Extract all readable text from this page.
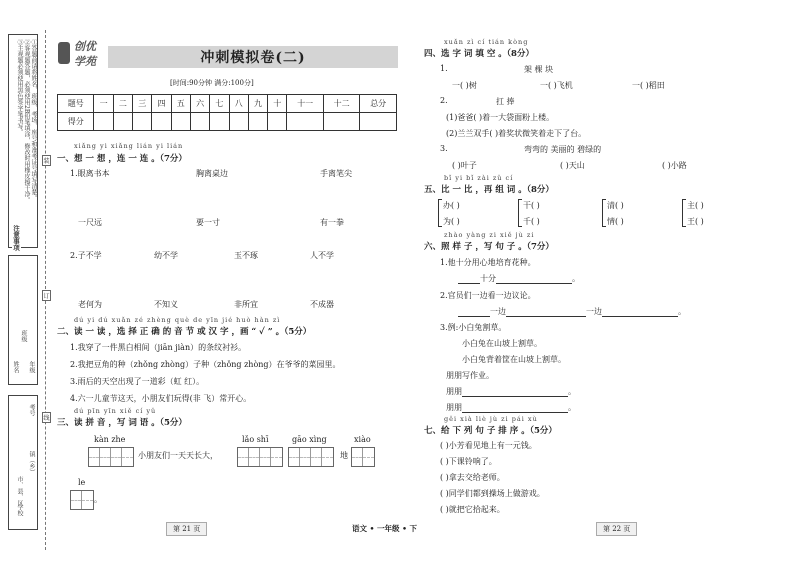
①答题前请将姓名、班级、考场、座号和准考证号填写清楚。
②客观题答题，必须使用2B铅笔填涂，修改时用橡皮擦干净。
③主观题必须使用黑色签字笔书写。
注意事项
班级
姓名 年级
考号
镇（乡）
市、县、区
学校
装
订
线
创优
学苑	冲刺模拟卷(二)
[时间:90分钟 满分:100分]
题号	一	二	三	四	五	六	七	八	九	十	十一	十二	总分
得分													
xiǎng yi xiǎng lián yi lián
一、想 一 想 ，连 一 连 。（7分）
1.眼离书本	胸离桌边	手离笔尖
一尺远	要一寸	有一拳
2.子不学	幼不学	玉不琢	人不学
老何为	不知义	非所宜	不成器
dú yi dú xuǎn zé zhèng què de yīn jié huò hàn zì
二、读 一 读 ，选 择 正 确 的 音 节 或 汉 字 ，画 “ ✓ ” 。（5分）
1.我穿了一件黑白相间（jiān jiàn）的条纹衬衫。
2.我把豆角的种（zhǒng zhòng）子种（zhǒng zhòng）在爷爷的菜园里。
3.雨后的天空出现了一道彩（虹 红）。
4.六一儿童节这天，小朋友们玩得(非 飞）常开心。
dú pīn yīn xiě cí yǔ
三、读 拼 音 ，写 词 语 。（5分）
kàn zhe
小朋友们一天天长大，
lǎo shī	gāo xìng
地
xiào
le
。
xuǎn zì cí tián kòng
四、选 字 词 填 空 。（8分）
1.	架 棵 块
一( )树	一( )飞机	一( )稻田
2.	扛 捧
(1)爸爸( )着一大袋面粉上楼。
(2)兰兰双手( )着奖状微笑着走下了台。
3.	弯弯的 美丽的 碧绿的
( )叶子	( )天山	( )小路
bǐ yi bǐ zài zǔ cí
五、比 一 比 ，再 组 词 。（8分）
办( )
为( )
干( )
千( )
清( )
情( )
主( )
王( )
zhào yàng zi xiě jù zi
六、照 样 子 ，写 句 子 。（7分）
1.他十分用心地培育花种。
十分	。
2.官员们一边看一边议论。
一边	一边	。
3.例:小白兔割草。
小白兔在山坡上割草。
小白兔背着筐在山坡上割草。
朋朋写作业。
朋朋	。
朋朋	。
gěi xià liè jù zi pái xù
七、给 下 列 句 子 排 序 。（5分）
( )小芳看见地上有一元钱。
( )下课铃响了。
( )拿去交给老师。
( )同学们都到操场上做游戏。
( )就把它拾起来。
第 21 页	语文 • 一年级 • 下	第 22 页
